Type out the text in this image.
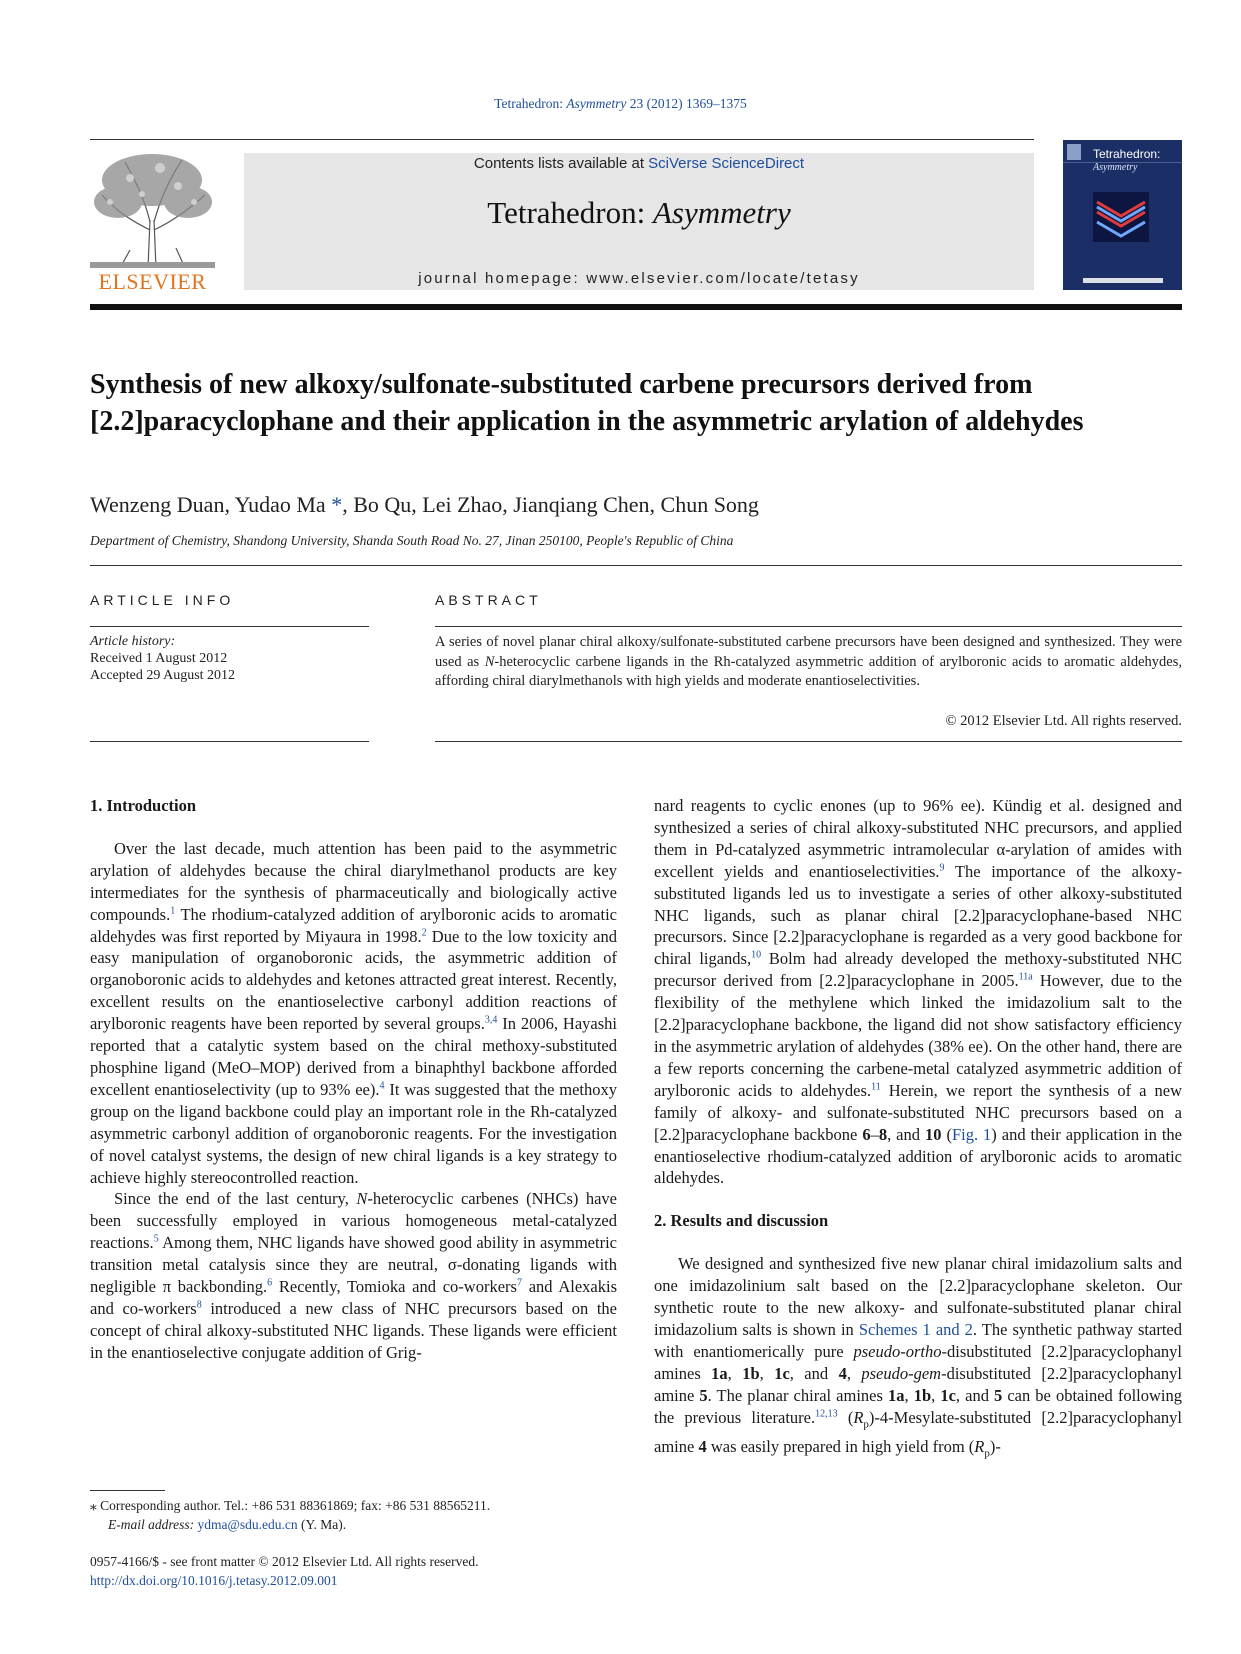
Tetrahedron: Asymmetry 23 (2012) 1369–1375
ELSEVIER
Contents lists available at SciVerse ScienceDirect
Tetrahedron: Asymmetry
journal homepage: www.elsevier.com/locate/tetasy
Tetrahedron:
Asymmetry
Synthesis of new alkoxy/sulfonate-substituted carbene precursors derived from [2.2]paracyclophane and their application in the asymmetric arylation of aldehydes
Wenzeng Duan, Yudao Ma *, Bo Qu, Lei Zhao, Jianqiang Chen, Chun Song
Department of Chemistry, Shandong University, Shanda South Road No. 27, Jinan 250100, People's Republic of China
ARTICLE INFO
Article history:
Received 1 August 2012
Accepted 29 August 2012
ABSTRACT
A series of novel planar chiral alkoxy/sulfonate-substituted carbene precursors have been designed and synthesized. They were used as N-heterocyclic carbene ligands in the Rh-catalyzed asymmetric addition of arylboronic acids to aromatic aldehydes, affording chiral diarylmethanols with high yields and moderate enantioselectivities.
© 2012 Elsevier Ltd. All rights reserved.
1. Introduction

Over the last decade, much attention has been paid to the asymmetric arylation of aldehydes because the chiral diarylmethanol products are key intermediates for the synthesis of pharmaceutically and biologically active compounds.$^1$ The rhodium-catalyzed addition of arylboronic acids to aromatic aldehydes was first reported by Miyaura in 1998.$^2$ Due to the low toxicity and easy manipulation of organoboronic acids, the asymmetric addition of organoboronic acids to aldehydes and ketones attracted great interest. Recently, excellent results on the enantioselective carbonyl addition reactions of arylboronic reagents have been reported by several groups.$^{3,4}$ In 2006, Hayashi reported that a catalytic system based on the chiral methoxy-substituted phosphine ligand (MeO–MOP) derived from a binaphthyl backbone afforded excellent enantioselectivity (up to 93% ee).$^4$ It was suggested that the methoxy group on the ligand backbone could play an important role in the Rh-catalyzed asymmetric carbonyl addition of organoboronic reagents. For the investigation of novel catalyst systems, the design of new chiral ligands is a key strategy to achieve highly stereocontrolled reaction.

Since the end of the last century, N-heterocyclic carbenes (NHCs) have been successfully employed in various homogeneous metal-catalyzed reactions.$^5$ Among them, NHC ligands have showed good ability in asymmetric transition metal catalysis since they are neutral, σ-donating ligands with negligible π backbonding.$^6$ Recently, Tomioka and co-workers$^7$ and Alexakis and co-workers$^8$ introduced a new class of NHC precursors based on the concept of chiral alkoxy-substituted NHC ligands. These ligands were efficient in the enantioselective conjugate addition of Grig-

nard reagents to cyclic enones (up to 96% ee). Kündig et al. designed and synthesized a series of chiral alkoxy-substituted NHC precursors, and applied them in Pd-catalyzed asymmetric intramolecular α-arylation of amides with excellent yields and enantioselectivities.$^9$ The importance of the alkoxy-substituted ligands led us to investigate a series of other alkoxy-substituted NHC ligands, such as planar chiral [2.2]paracyclophane-based NHC precursors. Since [2.2]paracyclophane is regarded as a very good backbone for chiral ligands,$^{10}$ Bolm had already developed the methoxy-substituted NHC precursor derived from [2.2]paracyclophane in 2005.$^{11a}$ However, due to the flexibility of the methylene which linked the imidazolium salt to the [2.2]paracyclophane backbone, the ligand did not show satisfactory efficiency in the asymmetric arylation of aldehydes (38% ee). On the other hand, there are a few reports concerning the carbene-metal catalyzed asymmetric addition of arylboronic acids to aldehydes.$^{11}$ Herein, we report the synthesis of a new family of alkoxy- and sulfonate-substituted NHC precursors based on a [2.2]paracyclophane backbone 6–8, and 10 (Fig. 1) and their application in the enantioselective rhodium-catalyzed addition of arylboronic acids to aromatic aldehydes.

2. Results and discussion

We designed and synthesized five new planar chiral imidazolium salts and one imidazolinium salt based on the [2.2]paracyclophane skeleton. Our synthetic route to the new alkoxy- and sulfonate-substituted planar chiral imidazolium salts is shown in Schemes 1 and 2. The synthetic pathway started with enantiomerically pure pseudo-ortho-disubstituted [2.2]paracyclophanyl amines 1a, 1b, 1c, and 4, pseudo-gem-disubstituted [2.2]paracyclophanyl amine 5. The planar chiral amines 1a, 1b, 1c, and 5 can be obtained following the previous literature.$^{12,13}$ $(R_p)-4-Mesylate$-substituted [2.2]paracyclophanyl amine 4 was easily prepared in high yield from $(R_p)-$

⁎ Corresponding author. Tel.: +86 531 88361869; fax: +86 531 88565211.
E-mail address: ydma@sdu.edu.cn (Y. Ma).
0957-4166/$ - see front matter © 2012 Elsevier Ltd. All rights reserved.
http://dx.doi.org/10.1016/j.tetasy.2012.09.001
